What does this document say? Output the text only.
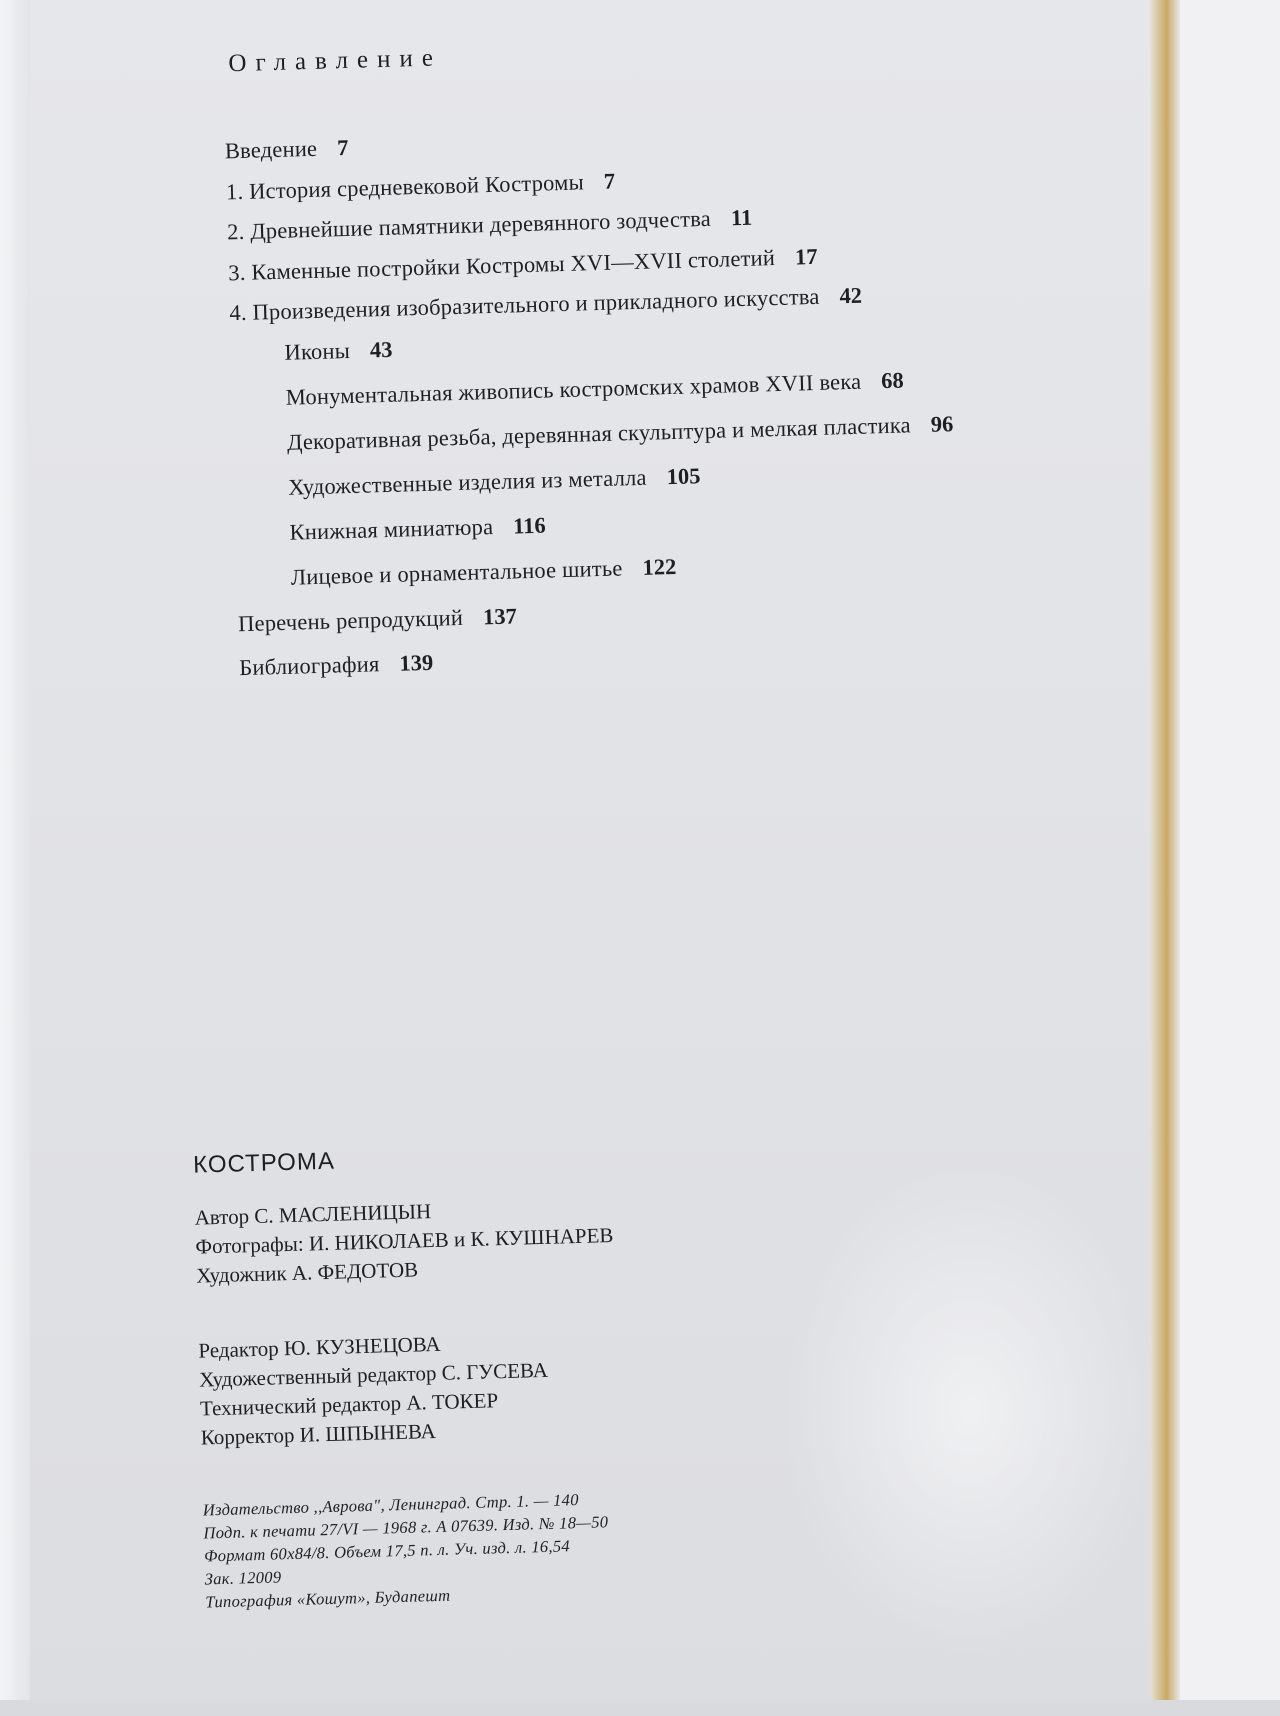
Оглавление
Введение 7
1. История средневековой Костромы 7
2. Древнейшие памятники деревянного зодчества 11
3. Каменные постройки Костромы XVI—XVII столетий 17
4. Произведения изобразительного и прикладного искусства 42
Иконы 43
Монументальная живопись костромских храмов XVII века 68
Декоративная резьба, деревянная скульптура и мелкая пластика 96
Художественные изделия из металла 105
Книжная миниатюра 116
Лицевое и орнаментальное шитье 122
Перечень репродукций 137
Библиография 139
КОСТРОМА
Автор С. МАСЛЕНИЦЫН
Фотографы: И. НИКОЛАЕВ и К. КУШНАРЕВ
Художник А. ФЕДОТОВ
Редактор Ю. КУЗНЕЦОВА
Художественный редактор С. ГУСЕВА
Технический редактор А. ТОКЕР
Корректор И. ШПЫНЕВА
Издательство ,,Аврова", Ленинград. Стр. 1. — 140
Подп. к печати 27/VI — 1968 г. А 07639. Изд. № 18—50
Формат 60x84/8. Объем 17,5 п. л. Уч. изд. л. 16,54
Зак. 12009
Типография «Кошут», Будапешт
